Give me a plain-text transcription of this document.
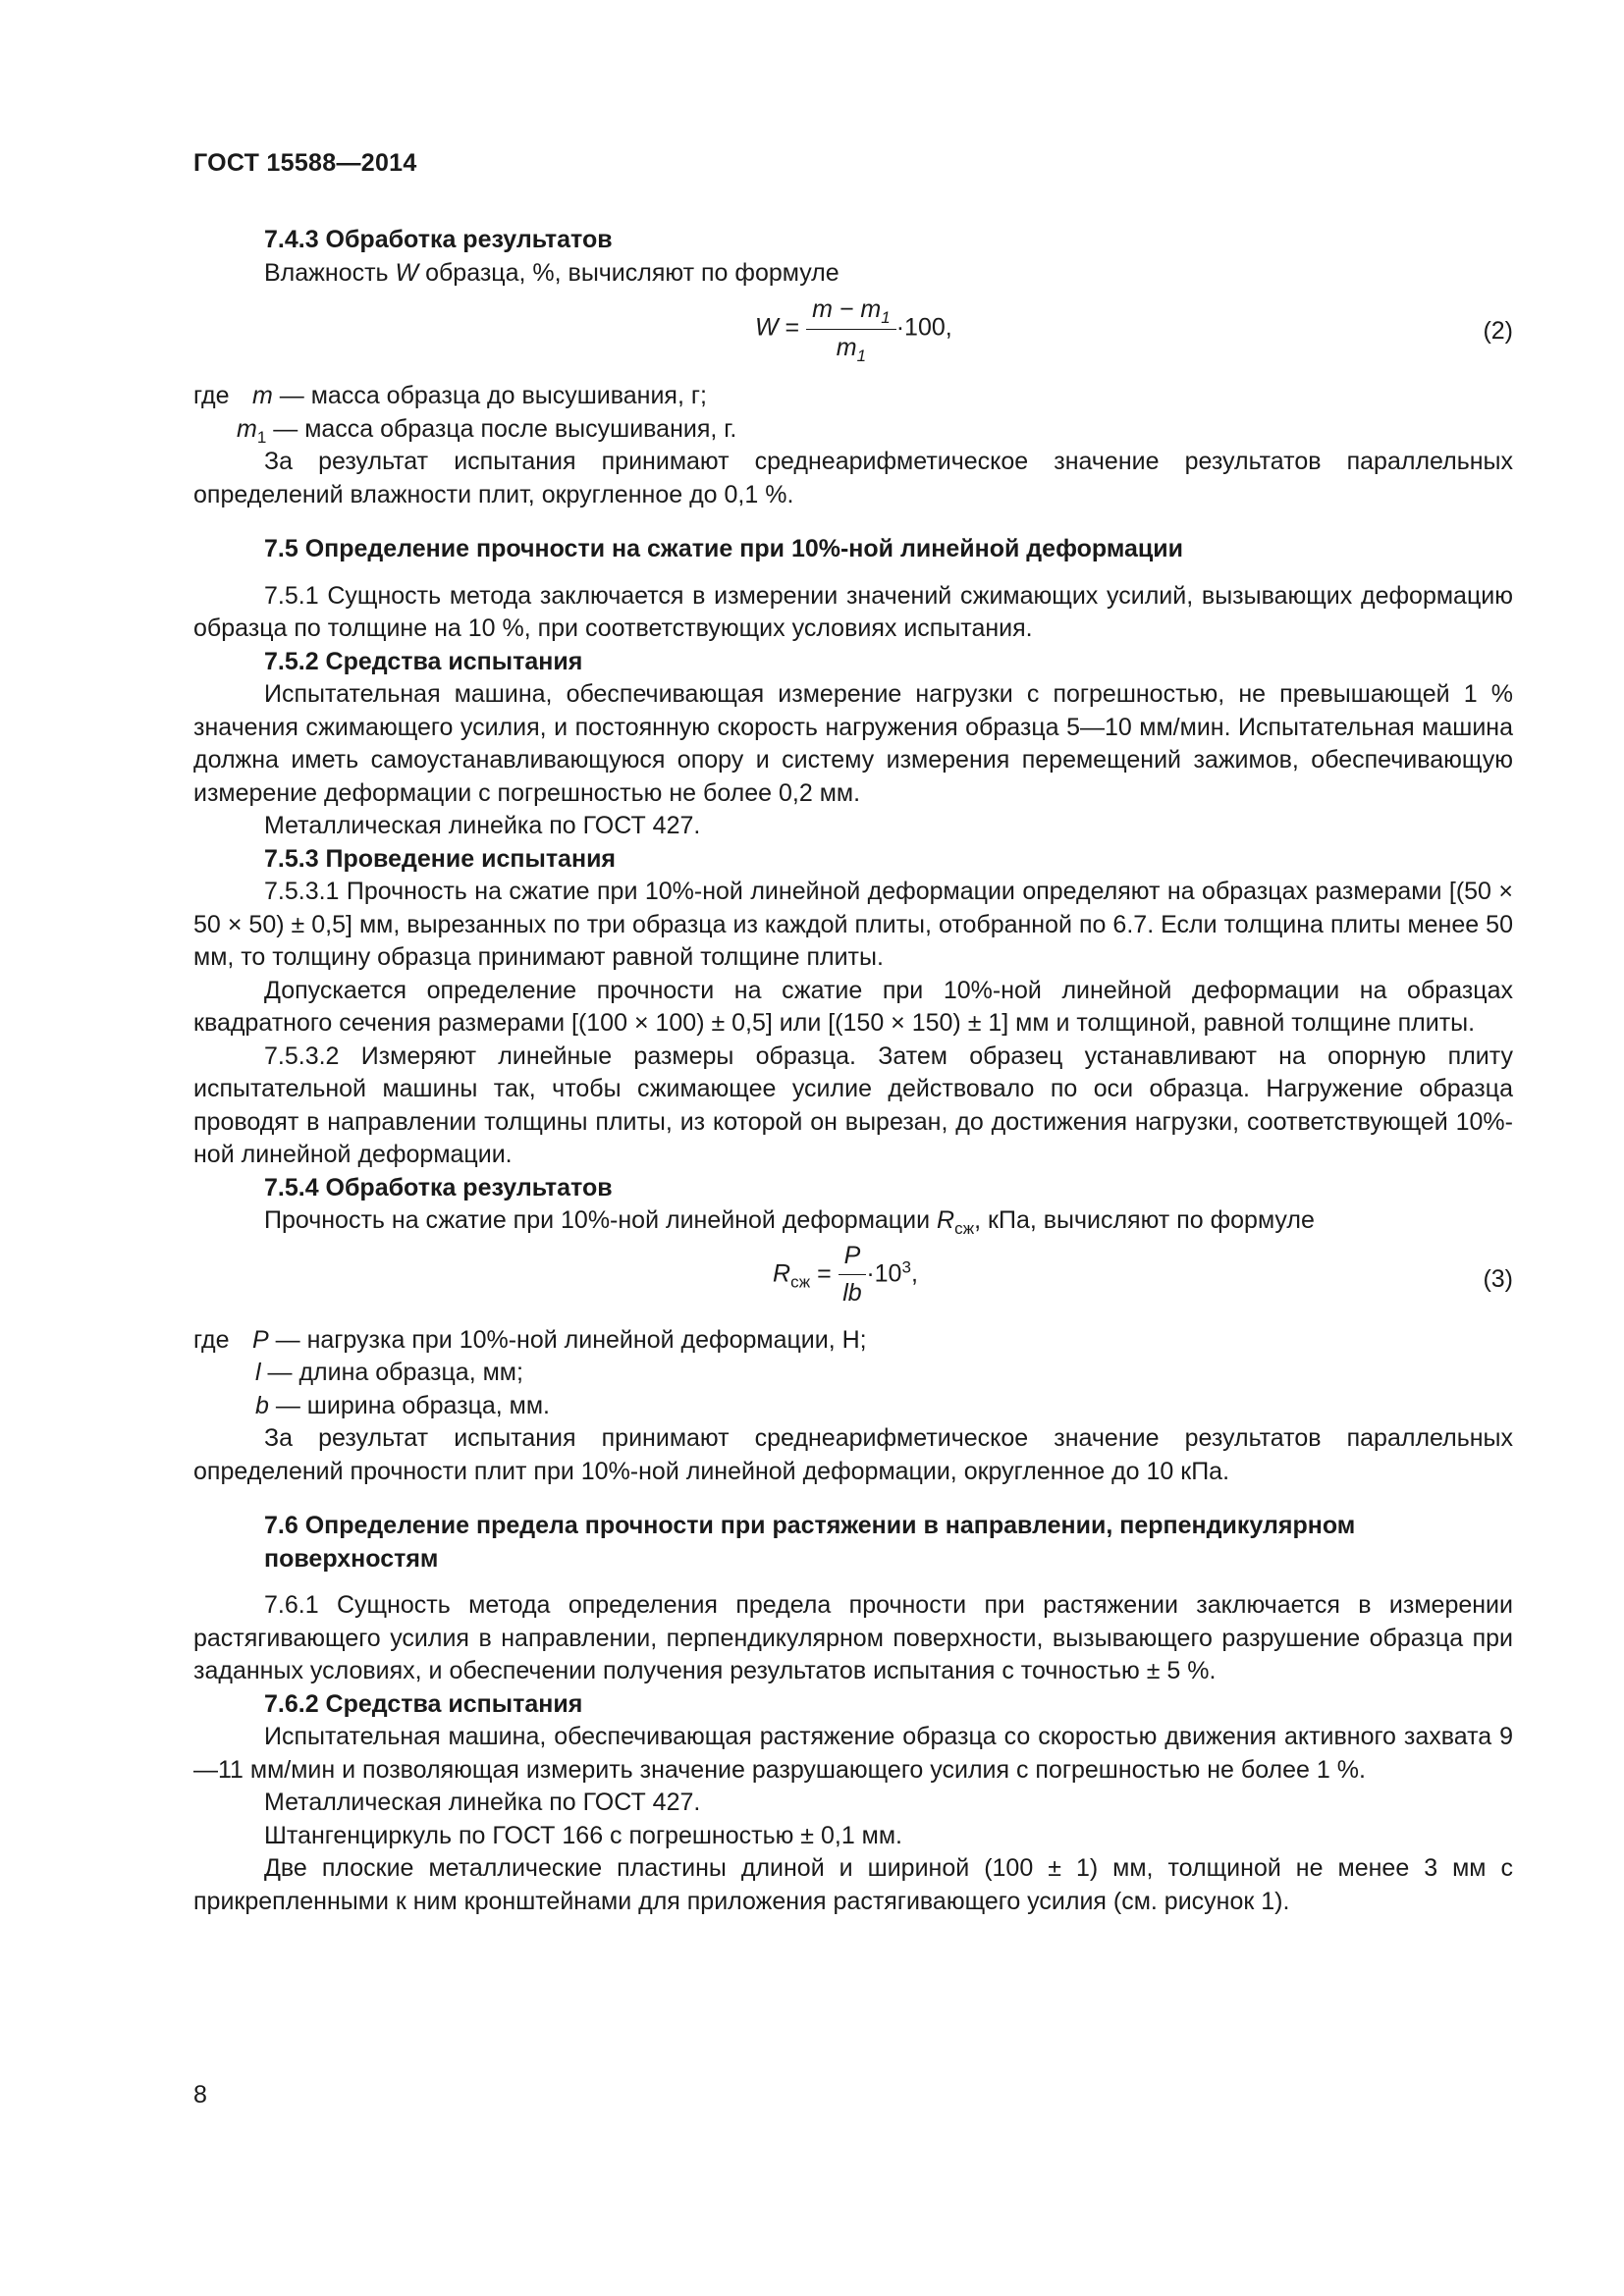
ГОСТ 15588—2014

7.4.3 Обработка результатов

Влажность W образца, %, вычисляют по формуле

$W = \frac{m - m_1}{m_1} \cdot 100$,	(2)

где m — масса образца до высушивания, г;

$m_1$ — масса образца после высушивания, г.

За результат испытания принимают среднеарифметическое значение результатов параллельных определений влажности плит, округленное до 0,1 %.

7.5 Определение прочности на сжатие при 10%-ной линейной деформации

7.5.1 Сущность метода заключается в измерении значений сжимающих усилий, вызывающих деформацию образца по толщине на 10 %, при соответствующих условиях испытания.

7.5.2 Средства испытания

Испытательная машина, обеспечивающая измерение нагрузки с погрешностью, не превышающей 1 % значения сжимающего усилия, и постоянную скорость нагружения образца 5—10 мм/мин. Испытательная машина должна иметь самоустанавливающуюся опору и систему измерения перемещений зажимов, обеспечивающую измерение деформации с погрешностью не более 0,2 мм.

Металлическая линейка по ГОСТ 427.

7.5.3 Проведение испытания

7.5.3.1 Прочность на сжатие при 10%-ной линейной деформации определяют на образцах размерами [(50 × 50 × 50) ± 0,5] мм, вырезанных по три образца из каждой плиты, отобранной по 6.7. Если толщина плиты менее 50 мм, то толщину образца принимают равной толщине плиты.

Допускается определение прочности на сжатие при 10%-ной линейной деформации на образцах квадратного сечения размерами [(100 × 100) ± 0,5] или [(150 × 150) ± 1] мм и толщиной, равной толщине плиты.

7.5.3.2 Измеряют линейные размеры образца. Затем образец устанавливают на опорную плиту испытательной машины так, чтобы сжимающее усилие действовало по оси образца. Нагружение образца проводят в направлении толщины плиты, из которой он вырезан, до достижения нагрузки, соответствующей 10%-ной линейной деформации.

7.5.4 Обработка результатов

Прочность на сжатие при 10%-ной линейной деформации $R_{сж}$, кПа, вычисляют по формуле

$R_{сж} = \frac{P}{lb} \cdot 10^3$,	(3)

где P — нагрузка при 10%-ной линейной деформации, Н;

l — длина образца, мм;

b — ширина образца, мм.

За результат испытания принимают среднеарифметическое значение результатов параллельных определений прочности плит при 10%-ной линейной деформации, округленное до 10 кПа.

7.6 Определение предела прочности при растяжении в направлении, перпендикулярном
поверхностям

7.6.1 Сущность метода определения предела прочности при растяжении заключается в измерении растягивающего усилия в направлении, перпендикулярном поверхности, вызывающего разрушение образца при заданных условиях, и обеспечении получения результатов испытания с точностью ± 5 %.

7.6.2 Средства испытания

Испытательная машина, обеспечивающая растяжение образца со скоростью движения активного захвата 9—11 мм/мин и позволяющая измерить значение разрушающего усилия с погрешностью не более 1 %.

Металлическая линейка по ГОСТ 427.

Штангенциркуль по ГОСТ 166 с погрешностью ± 0,1 мм.

Две плоские металлические пластины длиной и шириной (100 ± 1) мм, толщиной не менее 3 мм с прикрепленными к ним кронштейнами для приложения растягивающего усилия (см. рисунок 1).

8
